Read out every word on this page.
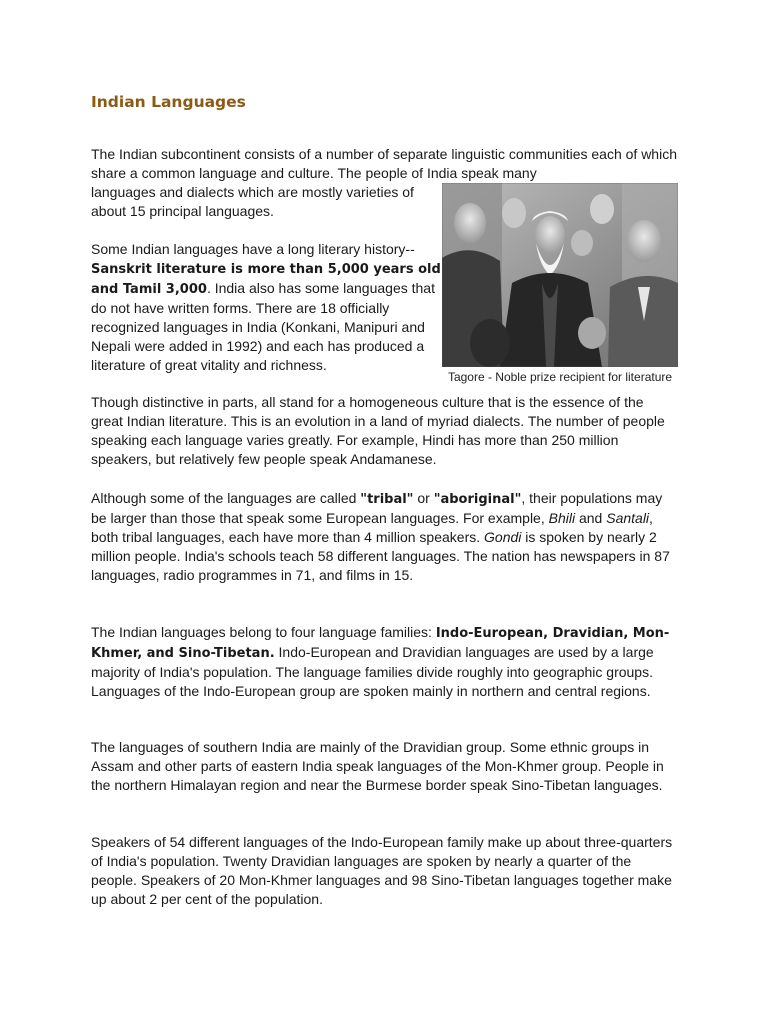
Indian Languages

The Indian subcontinent consists of a number of separate linguistic communities each of which share a common language and culture. The people of India speak many

languages and dialects which are mostly varieties of about 15 principal languages.

Some Indian languages have a long literary history--Sanskrit literature is more than 5,000 years old and Tamil 3,000. India also has some languages that do not have written forms. There are 18 officially recognized languages in India (Konkani, Manipuri and Nepali were added in 1992) and each has produced a literature of great vitality and richness.

Tagore - Noble prize recipient for literature

Though distinctive in parts, all stand for a homogeneous culture that is the essence of the great Indian literature. This is an evolution in a land of myriad dialects. The number of people speaking each language varies greatly. For example, Hindi has more than 250 million speakers, but relatively few people speak Andamanese.

Although some of the languages are called "tribal" or "aboriginal", their populations may be larger than those that speak some European languages. For example, Bhili and Santali, both tribal languages, each have more than 4 million speakers. Gondi is spoken by nearly 2 million people. India's schools teach 58 different languages. The nation has newspapers in 87 languages, radio programmes in 71, and films in 15.

The Indian languages belong to four language families: Indo-European, Dravidian, Mon-Khmer, and Sino-Tibetan. Indo-European and Dravidian languages are used by a large majority of India's population. The language families divide roughly into geographic groups. Languages of the Indo-European group are spoken mainly in northern and central regions.

The languages of southern India are mainly of the Dravidian group. Some ethnic groups in Assam and other parts of eastern India speak languages of the Mon-Khmer group. People in the northern Himalayan region and near the Burmese border speak Sino-Tibetan languages.

Speakers of 54 different languages of the Indo-European family make up about three-quarters of India's population. Twenty Dravidian languages are spoken by nearly a quarter of the people. Speakers of 20 Mon-Khmer languages and 98 Sino-Tibetan languages together make up about 2 per cent of the population.
